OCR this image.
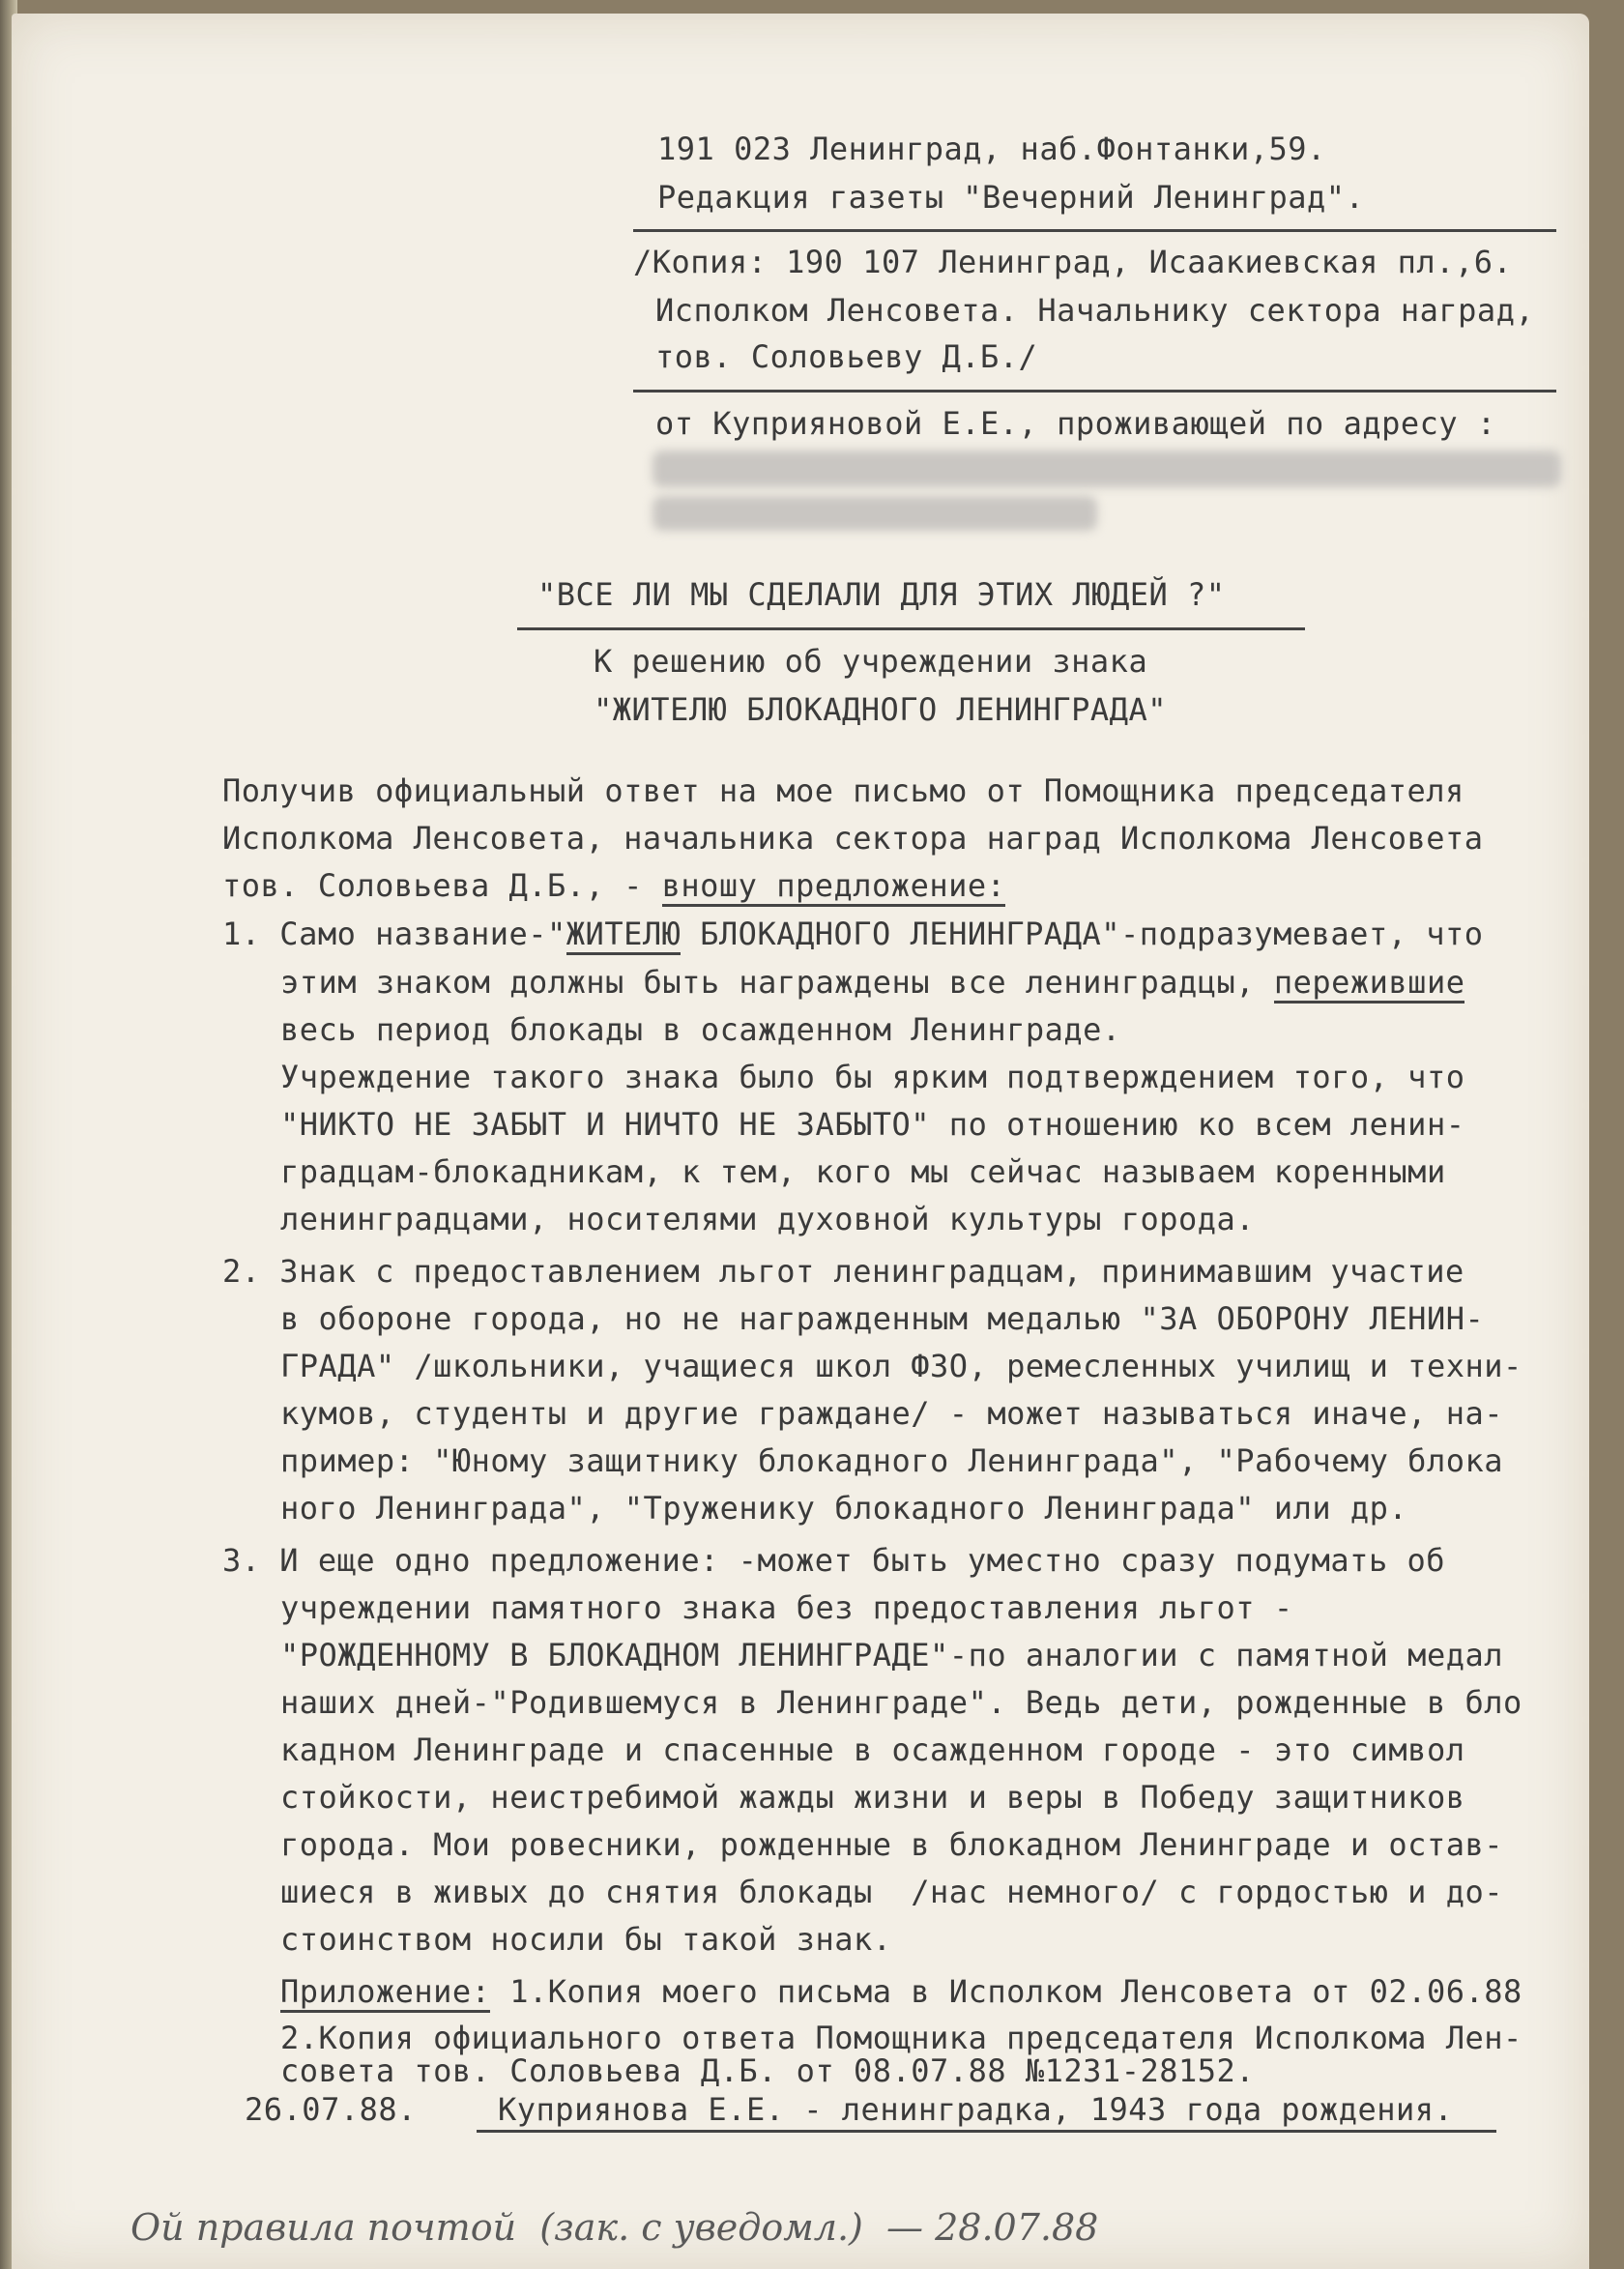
191 023 Ленинград, наб.Фонтанки,59.
Редакция газеты "Вечерний Ленинград".
/Копия: 190 107 Ленинград, Исаакиевская пл.,6.
Исполком Ленсовета. Начальнику сектора наград,
тов. Соловьеву Д.Б./
от Куприяновой Е.Е., проживающей по адресу :
"ВСЕ ЛИ МЫ СДЕЛАЛИ ДЛЯ ЭТИХ ЛЮДЕЙ ?"
К решению об учреждении знака
"ЖИТЕЛЮ БЛОКАДНОГО ЛЕНИНГРАДА"
Получив официальный ответ на мое письмо от Помощника председателя
Исполкома Ленсовета, начальника сектора наград Исполкома Ленсовета
тов. Соловьева Д.Б., - вношу предложение:
1. Само название-"ЖИТЕЛЮ БЛОКАДНОГО ЛЕНИНГРАДА"-подразумевает, что
этим знаком должны быть награждены все ленинградцы, пережившие
весь период блокады в осажденном Ленинграде.
Учреждение такого знака было бы ярким подтверждением того, что
"НИКТО НЕ ЗАБЫТ И НИЧТО НЕ ЗАБЫТО" по отношению ко всем ленин-
градцам-блокадникам, к тем, кого мы сейчас называем коренными
ленинградцами, носителями духовной культуры города.
2. Знак с предоставлением льгот ленинградцам, принимавшим участие
в обороне города, но не награжденным медалью "ЗА ОБОРОНУ ЛЕНИН-
ГРАДА" /школьники, учащиеся школ ФЗО, ремесленных училищ и техни-
кумов, студенты и другие граждане/ - может называться иначе, на-
пример: "Юному защитнику блокадного Ленинграда", "Рабочему блока
ного Ленинграда", "Труженику блокадного Ленинграда" или др.
3. И еще одно предложение: -может быть уместно сразу подумать об
учреждении памятного знака без предоставления льгот -
"РОЖДЕННОМУ В БЛОКАДНОМ ЛЕНИНГРАДЕ"-по аналогии с памятной медал
наших дней-"Родившемуся в Ленинграде". Ведь дети, рожденные в бло
кадном Ленинграде и спасенные в осажденном городе - это символ
стойкости, неистребимой жажды жизни и веры в Победу защитников
города. Мои ровесники, рожденные в блокадном Ленинграде и остав-
шиеся в живых до снятия блокады  /нас немного/ с гордостью и до-
стоинством носили бы такой знак.
Приложение: 1.Копия моего письма в Исполком Ленсовета от 02.06.88
2.Копия официального ответа Помощника председателя Исполкома Лен-
совета тов. Соловьева Д.Б. от 08.07.88 №1231-28152.
26.07.88.	Куприянова Е.Е. - ленинградка, 1943 года рождения.
Ой правила почтой  (зак. с уведомл.)  — 28.07.88
